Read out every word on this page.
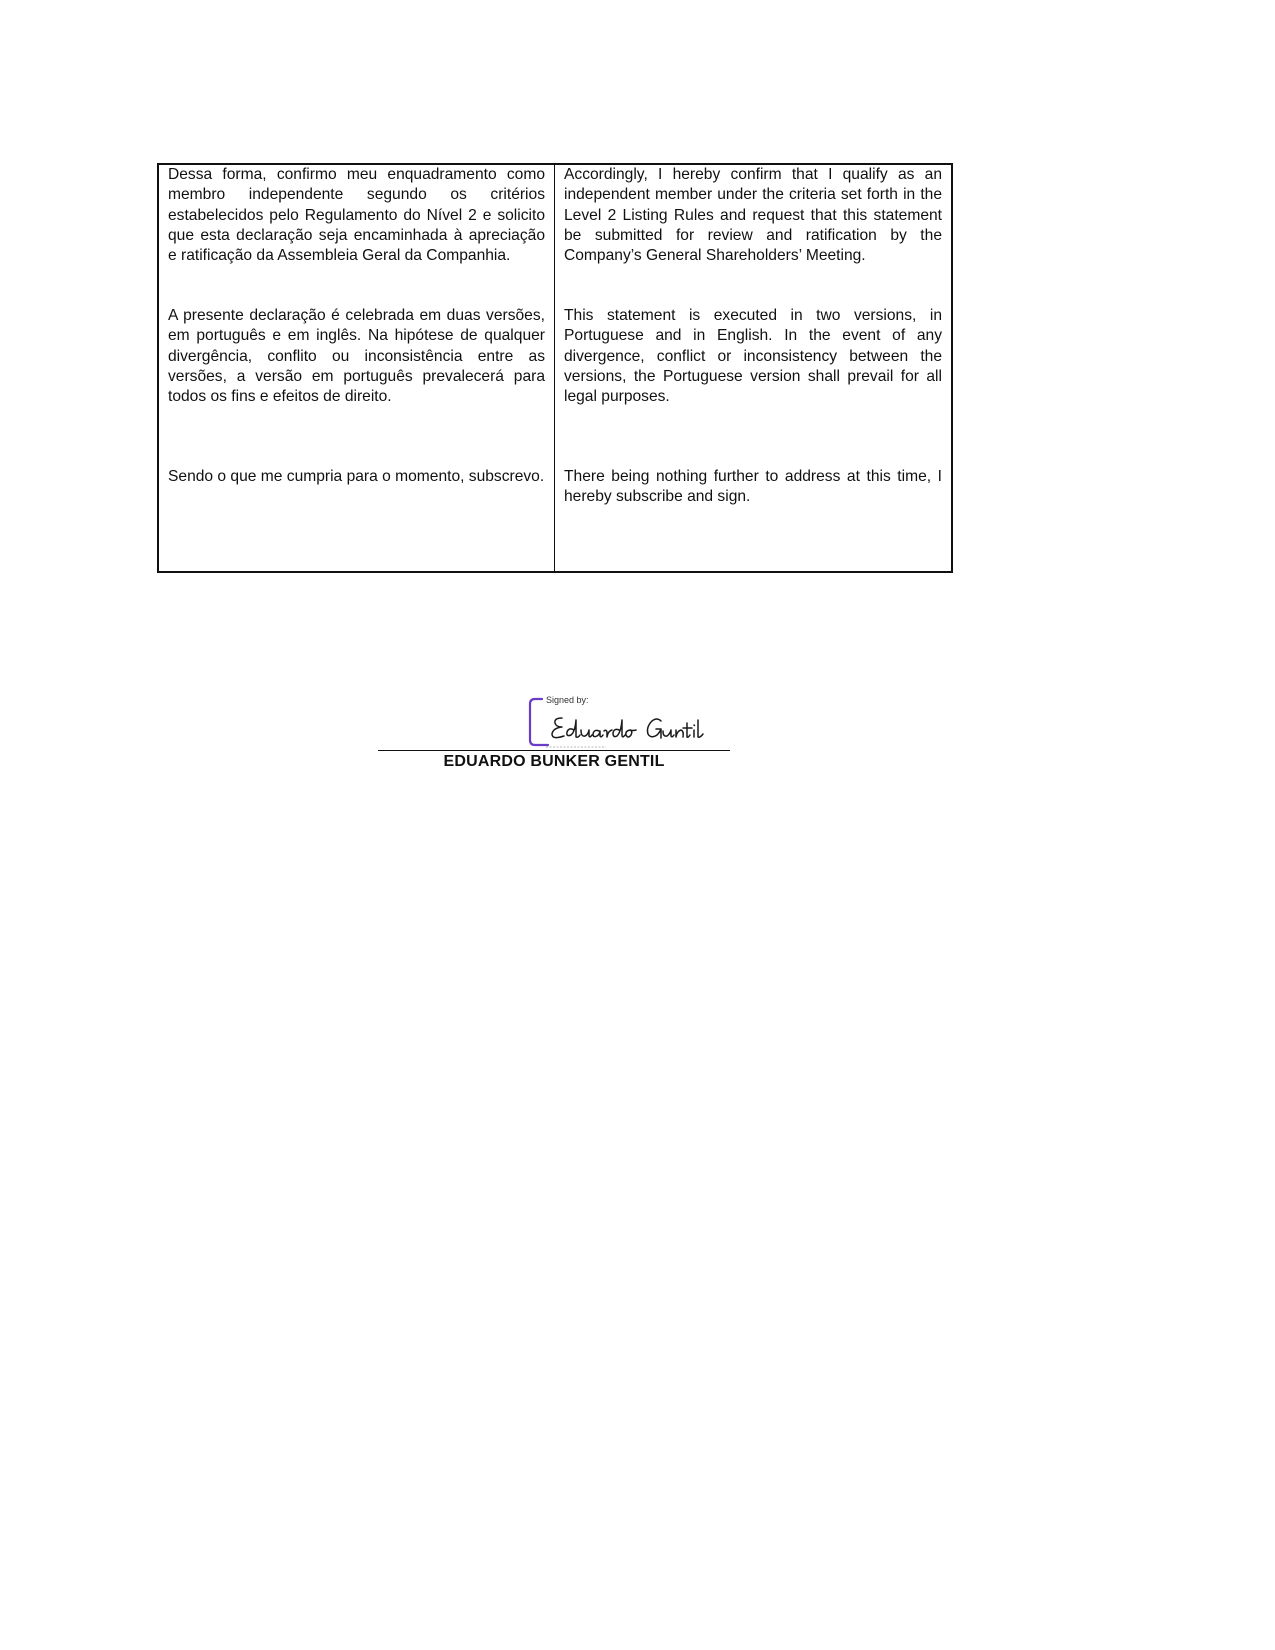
Dessa forma, confirmo meu enquadramento como membro independente segundo os critérios estabelecidos pelo Regulamento do Nível 2 e solicito que esta declaração seja encaminhada à apreciação e ratificação da Assembleia Geral da Companhia.

A presente declaração é celebrada em duas versões, em português e em inglês. Na hipótese de qualquer divergência, conflito ou inconsistência entre as versões, a versão em português prevalecerá para todos os fins e efeitos de direito.

Sendo o que me cumpria para o momento, subscrevo.

Accordingly, I hereby confirm that I qualify as an independent member under the criteria set forth in the Level 2 Listing Rules and request that this statement be submitted for review and ratification by the Company’s General Shareholders’ Meeting.

This statement is executed in two versions, in Portuguese and in English. In the event of any divergence, conflict or inconsistency between the versions, the Portuguese version shall prevail for all legal purposes.

There being nothing further to address at this time, I hereby subscribe and sign.

Signed by:
EDUARDO BUNKER GENTIL
